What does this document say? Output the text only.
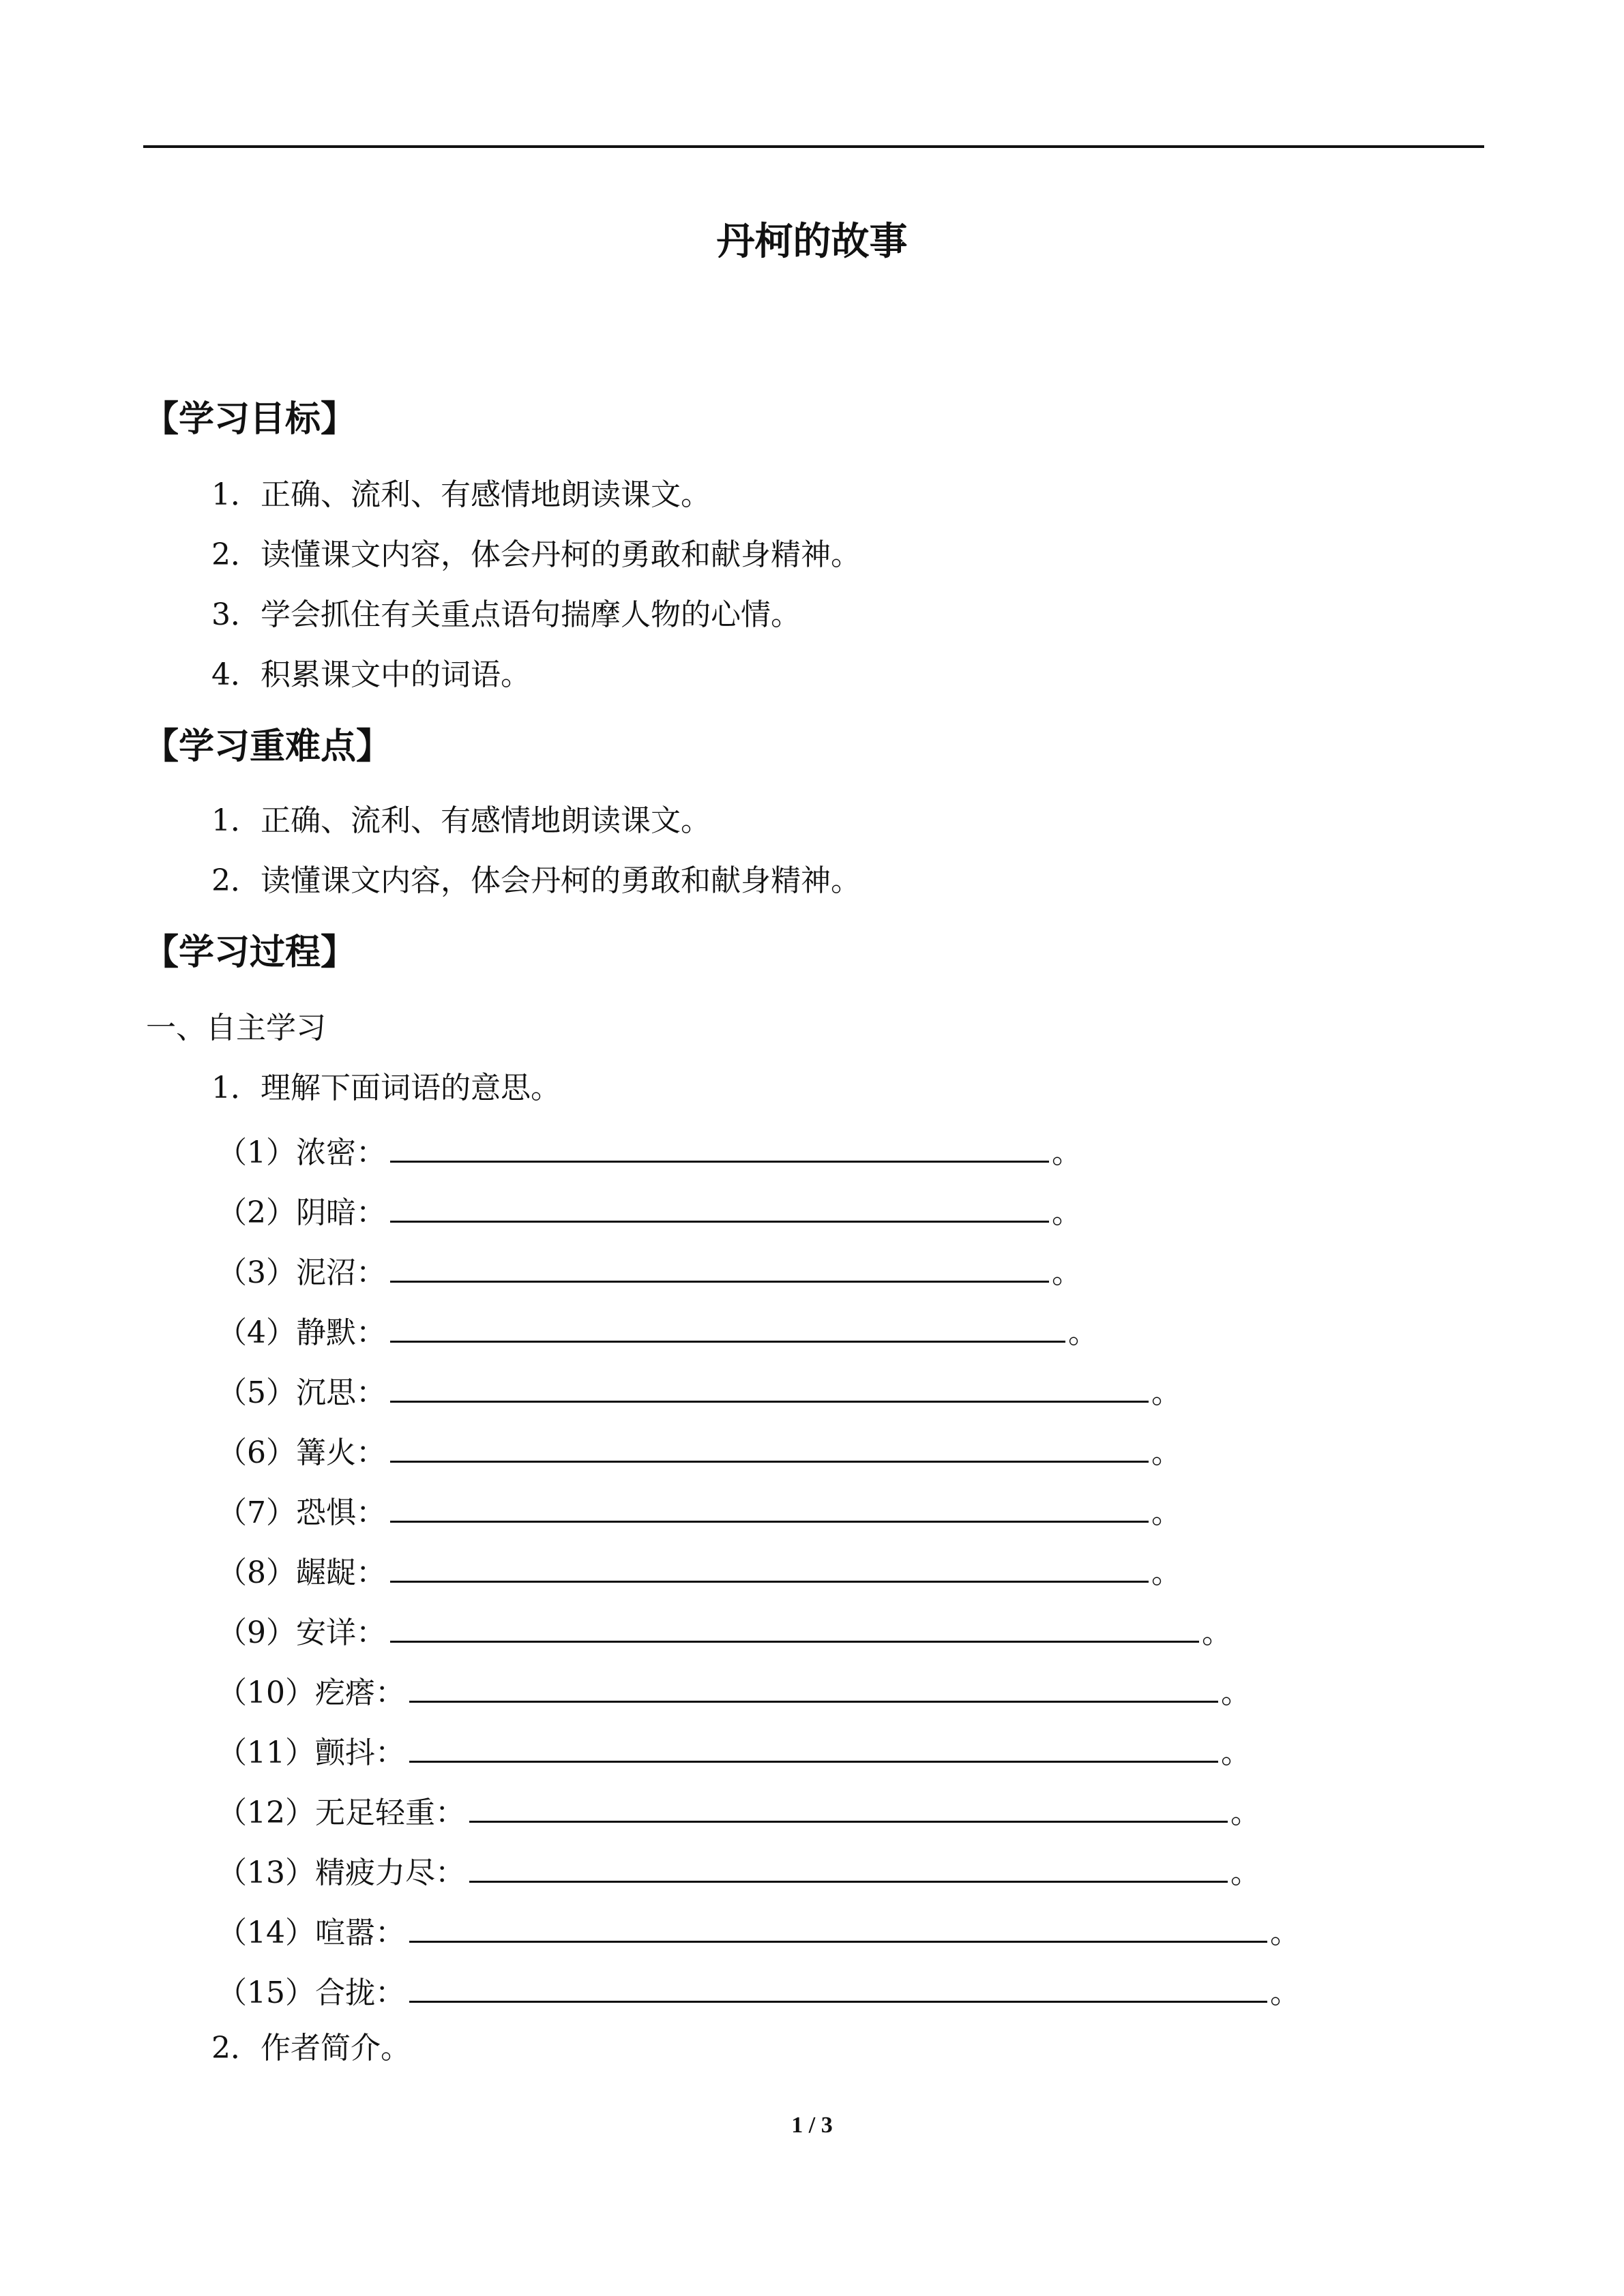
丹柯的故事
【学习目标】
1．正确、流利、有感情地朗读课文。
2．读懂课文内容，体会丹柯的勇敢和献身精神。
3．学会抓住有关重点语句揣摩人物的心情。
4．积累课文中的词语。
【学习重难点】
1．正确、流利、有感情地朗读课文。
2．读懂课文内容，体会丹柯的勇敢和献身精神。
【学习过程】
一、自主学习
1．理解下面词语的意思。
（1）浓密：	。
（2）阴暗：	。
（3）泥沼：	。
（4）静默：	。
（5）沉思：	。
（6）篝火：	。
（7）恐惧：	。
（8）龌龊：	。
（9）安详：	。
（10）疙瘩：	。
（11）颤抖：	。
（12）无足轻重：	。
（13）精疲力尽：	。
（14）喧嚣：	。
（15）合拢：	。
2．作者简介。
1 / 3
